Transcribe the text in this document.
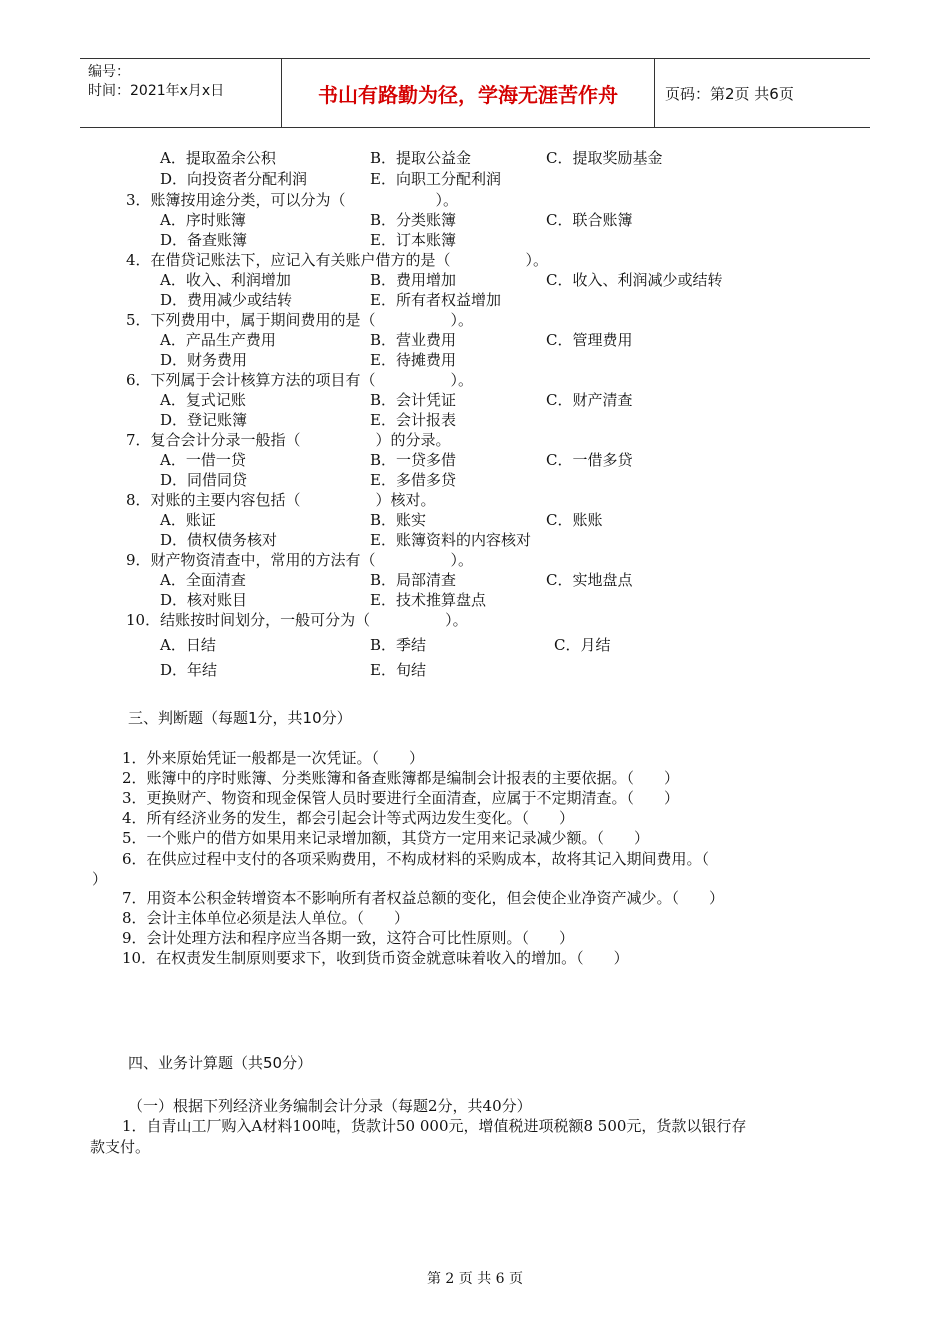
编号：
时间：2021年x月x日	书山有路勤为径，学海无涯苦作舟	页码：第2页 共6页
A．提取盈余公积	B．提取公益金	C．提取奖励基金
D．向投资者分配利润	E．向职工分配利润
3．账簿按用途分类，可以分为（　　　　　　）。
A．序时账簿	B．分类账簿	C．联合账簿
D．备查账簿	E．订本账簿
4．在借贷记账法下，应记入有关账户借方的是（　　　　　）。
A．收入、利润增加	B．费用增加	C．收入、利润减少或结转
D．费用减少或结转	E．所有者权益增加
5．下列费用中，属于期间费用的是（　　　　　）。
A．产品生产费用	B．营业费用	C．管理费用
D．财务费用	E．待摊费用
6．下列属于会计核算方法的项目有（　　　　　）。
A．复式记账	B．会计凭证	C．财产清查
D．登记账簿	E．会计报表
7．复合会计分录一般指（　　　　　）的分录。
A．一借一贷	B．一贷多借	C．一借多贷
D．同借同贷	E．多借多贷
8．对账的主要内容包括（　　　　　）核对。
A．账证	B．账实	C．账账
D．债权债务核对	E．账簿资料的内容核对
9．财产物资清查中，常用的方法有（　　　　　）。
A．全面清查	B．局部清查	C．实地盘点
D．核对账目	E．技术推算盘点
10．结账按时间划分，一般可分为（　　　　　）。
A．日结	B．季结	C．月结
D．年结	E．旬结
三、判断题（每题1分，共10分）
1．外来原始凭证一般都是一次凭证。（　　）
2．账簿中的序时账簿、分类账簿和备查账簿都是编制会计报表的主要依据。（　　）
3．更换财产、物资和现金保管人员时要进行全面清查，应属于不定期清查。（　　）
4．所有经济业务的发生，都会引起会计等式两边发生变化。（　　）
5．一个账户的借方如果用来记录增加额，其贷方一定用来记录减少额。（　　）
6．在供应过程中支付的各项采购费用，不构成材料的采购成本，故将其记入期间费用。（
）
7．用资本公积金转增资本不影响所有者权益总额的变化，但会使企业净资产减少。（　　）
8．会计主体单位必须是法人单位。（　　）
9．会计处理方法和程序应当各期一致，这符合可比性原则。（　　）
10．在权责发生制原则要求下，收到货币资金就意味着收入的增加。（　　）
四、业务计算题（共50分）
（一）根据下列经济业务编制会计分录（每题2分，共40分）
1．自青山工厂购入A材料100吨，货款计50 000元，增值税进项税额8 500元，货款以银行存
款支付。
第 2 页 共 6 页
